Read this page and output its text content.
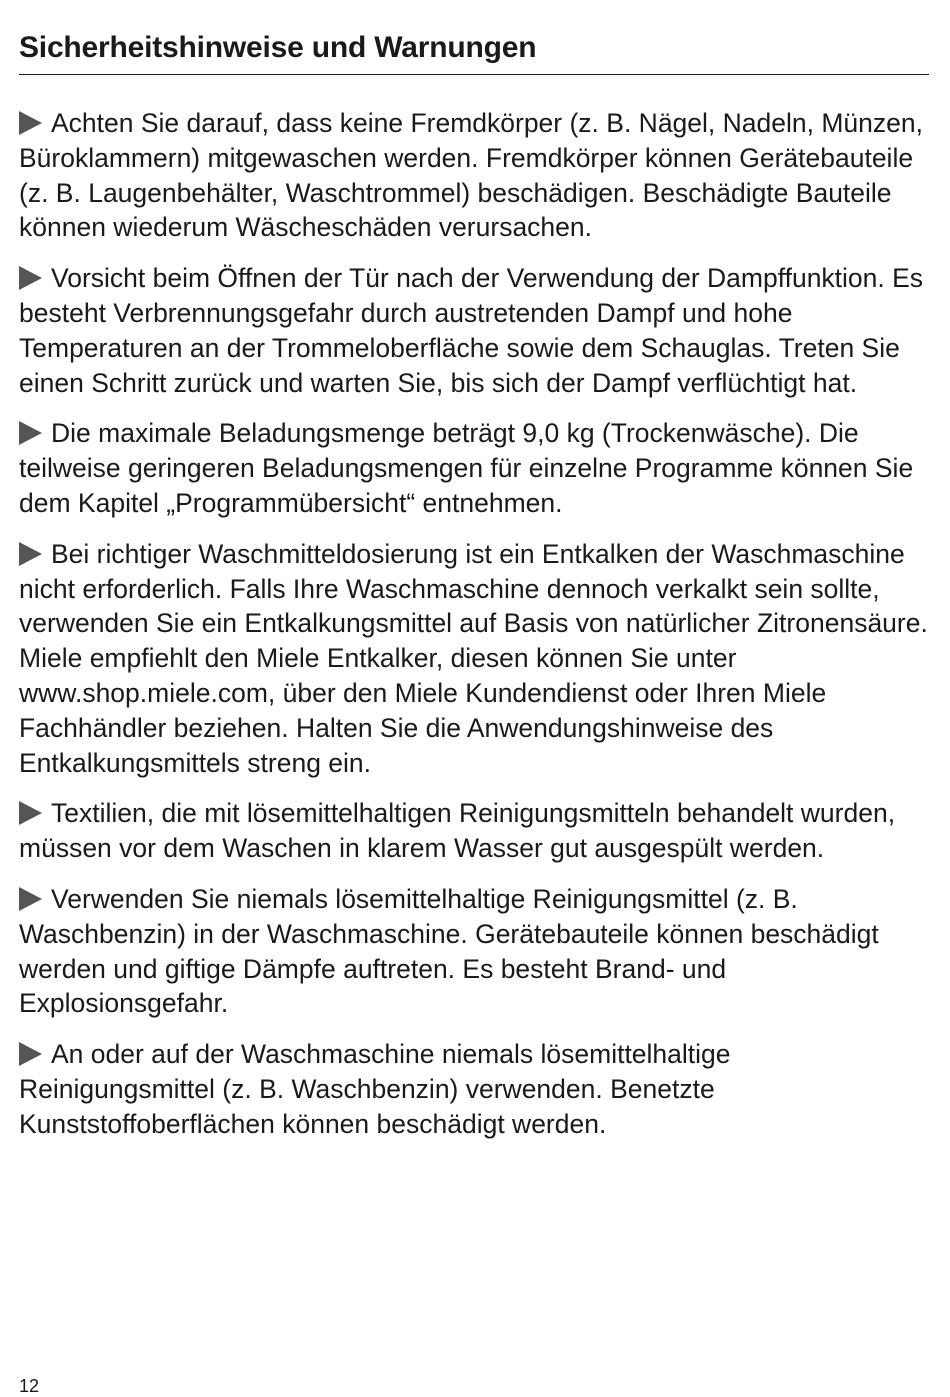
Sicherheitshinweise und Warnungen

Achten Sie darauf, dass keine Fremdkörper (z. B. Nägel, Nadeln, Münzen, Büroklammern) mitgewaschen werden. Fremdkörper können Gerätebauteile (z. B. Laugenbehälter, Waschtrommel) beschädigen. Beschädigte Bauteile können wiederum Wäscheschäden verursachen.

Vorsicht beim Öffnen der Tür nach der Verwendung der Dampffunktion. Es besteht Verbrennungsgefahr durch austretenden Dampf und hohe Temperaturen an der Trommeloberfläche sowie dem Schauglas. Treten Sie einen Schritt zurück und warten Sie, bis sich der Dampf verflüchtigt hat.

Die maximale Beladungsmenge beträgt 9,0 kg (Trockenwäsche). Die teilweise geringeren Beladungsmengen für einzelne Programme können Sie dem Kapitel „Programmübersicht“ entnehmen.

Bei richtiger Waschmitteldosierung ist ein Entkalken der Waschmaschine nicht erforderlich. Falls Ihre Waschmaschine dennoch verkalkt sein sollte, verwenden Sie ein Entkalkungsmittel auf Basis von natürlicher Zitronensäure. Miele empfiehlt den Miele Entkalker, diesen können Sie unter www.shop.miele.com, über den Miele Kundendienst oder Ihren Miele Fachhändler beziehen. Halten Sie die Anwendungshinweise des Entkalkungsmittels streng ein.

Textilien, die mit lösemittelhaltigen Reinigungsmitteln behandelt wurden, müssen vor dem Waschen in klarem Wasser gut ausgespült werden.

Verwenden Sie niemals lösemittelhaltige Reinigungsmittel (z. B. Waschbenzin) in der Waschmaschine. Gerätebauteile können beschädigt werden und giftige Dämpfe auftreten. Es besteht Brand- und Explosionsgefahr.

An oder auf der Waschmaschine niemals lösemittelhaltige Reinigungsmittel (z. B. Waschbenzin) verwenden. Benetzte Kunststoffoberflächen können beschädigt werden.

12
